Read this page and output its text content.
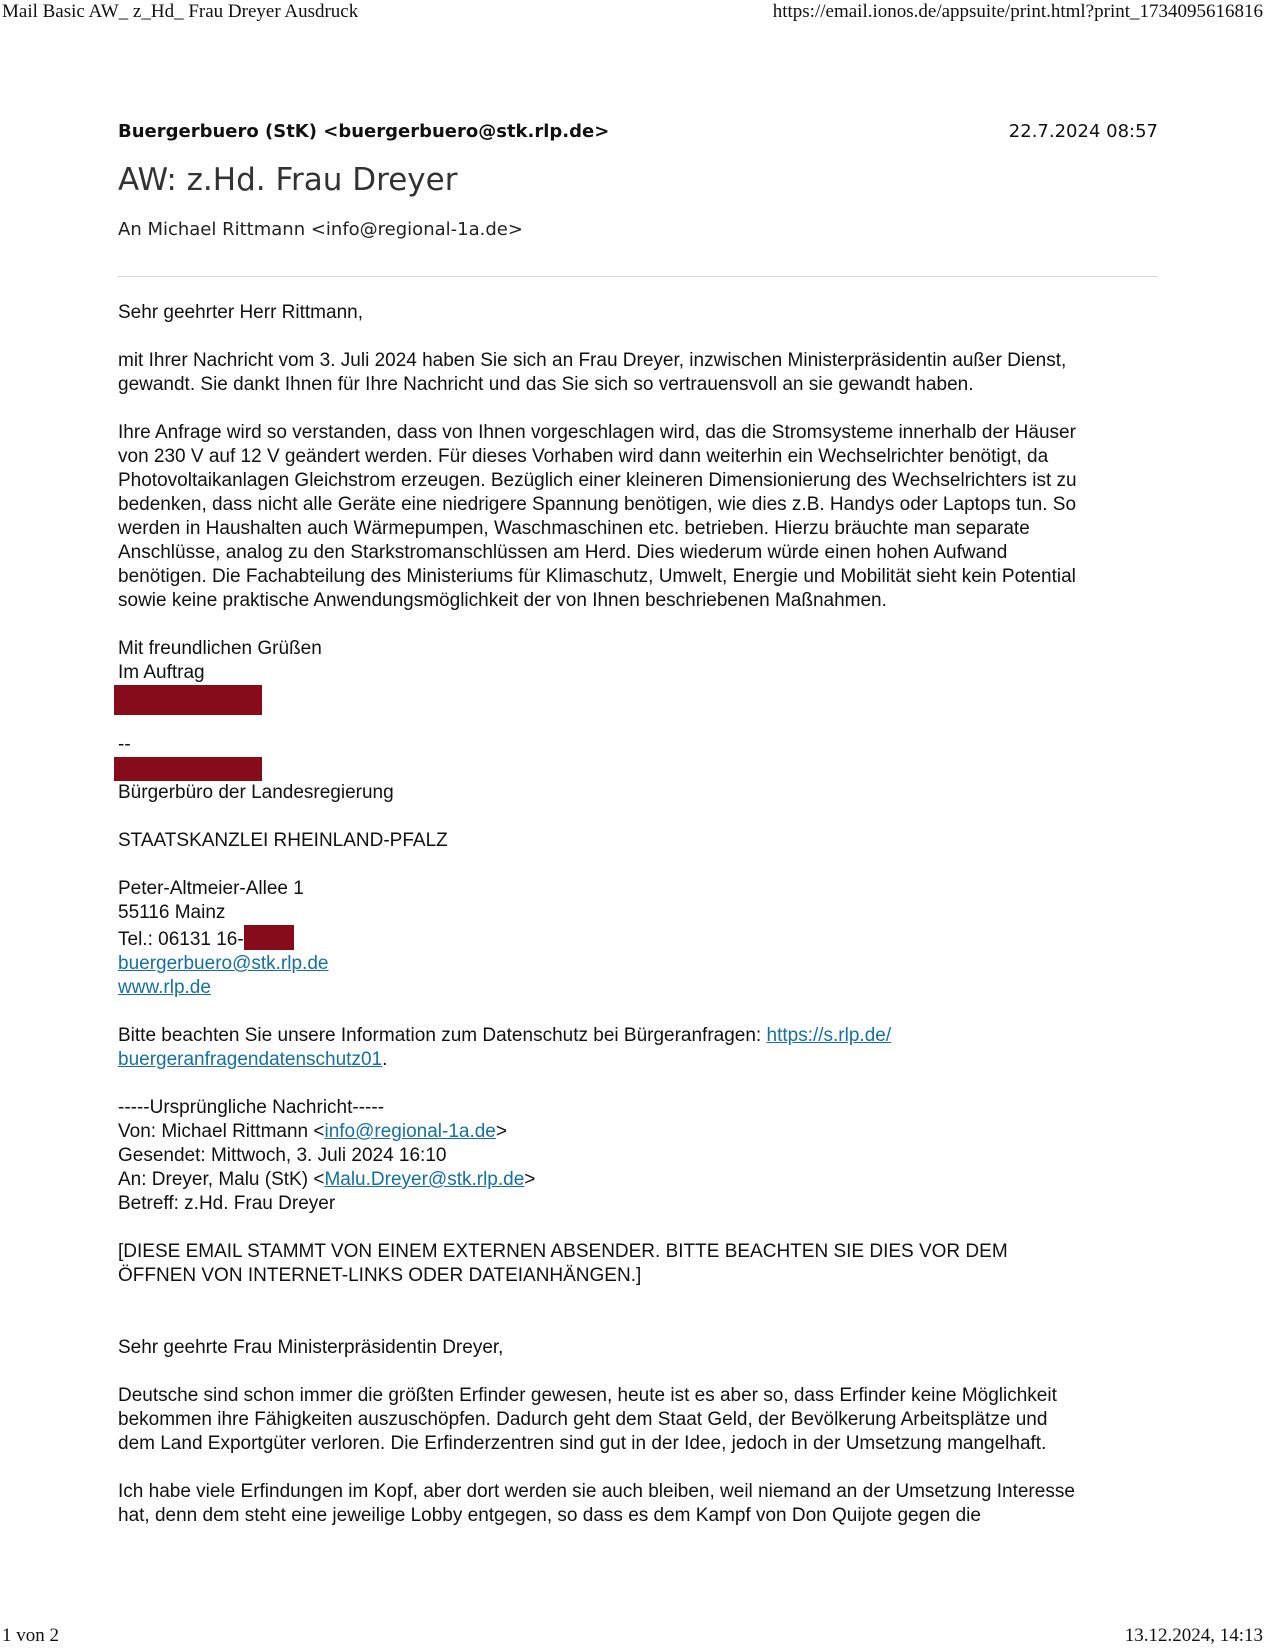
Mail Basic AW_ z_Hd_ Frau Dreyer Ausdruck	https://email.ionos.de/appsuite/print.html?print_1734095616816
Buergerbuero (StK) <buergerbuero@stk.rlp.de>	22.7.2024 08:57
AW: z.Hd. Frau Dreyer
An Michael Rittmann <info@regional-1a.de>

Sehr geehrter Herr Rittmann,

mit Ihrer Nachricht vom 3. Juli 2024 haben Sie sich an Frau Dreyer, inzwischen Ministerpräsidentin außer Dienst,

gewandt. Sie dankt Ihnen für Ihre Nachricht und das Sie sich so vertrauensvoll an sie gewandt haben.

Ihre Anfrage wird so verstanden, dass von Ihnen vorgeschlagen wird, das die Stromsysteme innerhalb der Häuser

von 230 V auf 12 V geändert werden. Für dieses Vorhaben wird dann weiterhin ein Wechselrichter benötigt, da

Photovoltaikanlagen Gleichstrom erzeugen. Bezüglich einer kleineren Dimensionierung des Wechselrichters ist zu

bedenken, dass nicht alle Geräte eine niedrigere Spannung benötigen, wie dies z.B. Handys oder Laptops tun. So

werden in Haushalten auch Wärmepumpen, Waschmaschinen etc. betrieben. Hierzu bräuchte man separate

Anschlüsse, analog zu den Starkstromanschlüssen am Herd. Dies wiederum würde einen hohen Aufwand

benötigen. Die Fachabteilung des Ministeriums für Klimaschutz, Umwelt, Energie und Mobilität sieht kein Potential

sowie keine praktische Anwendungsmöglichkeit der von Ihnen beschriebenen Maßnahmen.

Mit freundlichen Grüßen

Im Auftrag

--

Bürgerbüro der Landesregierung

STAATSKANZLEI RHEINLAND-PFALZ

Peter-Altmeier-Allee 1

55116 Mainz

Tel.: 06131 16-

buergerbuero@stk.rlp.de

www.rlp.de

Bitte beachten Sie unsere Information zum Datenschutz bei Bürgeranfragen: https://s.rlp.de/

buergeranfragendatenschutz01.

-----Ursprüngliche Nachricht-----

Von: Michael Rittmann <info@regional-1a.de>

Gesendet: Mittwoch, 3. Juli 2024 16:10

An: Dreyer, Malu (StK) <Malu.Dreyer@stk.rlp.de>

Betreff: z.Hd. Frau Dreyer

[DIESE EMAIL STAMMT VON EINEM EXTERNEN ABSENDER. BITTE BEACHTEN SIE DIES VOR DEM

ÖFFNEN VON INTERNET-LINKS ODER DATEIANHÄNGEN.]

Sehr geehrte Frau Ministerpräsidentin Dreyer,

Deutsche sind schon immer die größten Erfinder gewesen, heute ist es aber so, dass Erfinder keine Möglichkeit

bekommen ihre Fähigkeiten auszuschöpfen. Dadurch geht dem Staat Geld, der Bevölkerung Arbeitsplätze und

dem Land Exportgüter verloren. Die Erfinderzentren sind gut in der Idee, jedoch in der Umsetzung mangelhaft.

Ich habe viele Erfindungen im Kopf, aber dort werden sie auch bleiben, weil niemand an der Umsetzung Interesse

hat, denn dem steht eine jeweilige Lobby entgegen, so dass es dem Kampf von Don Quijote gegen die

1 von 2	13.12.2024, 14:13
